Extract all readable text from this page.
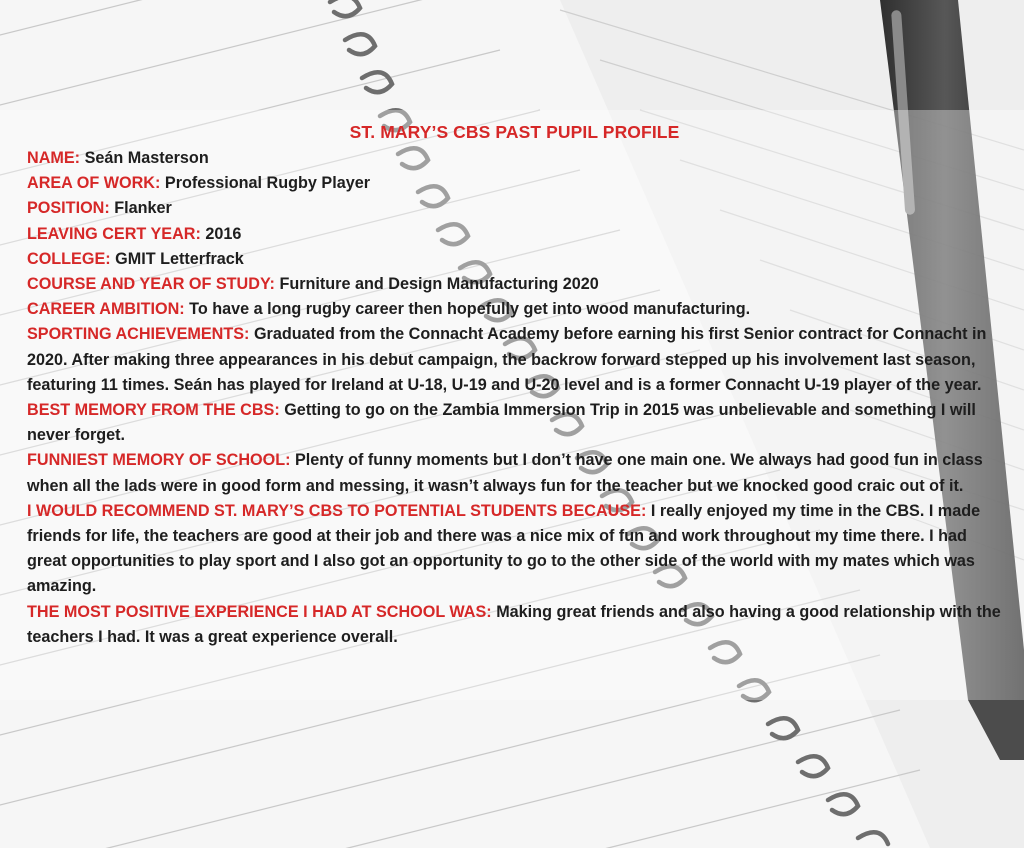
ST. MARY’S CBS PAST PUPIL PROFILE
NAME: Seán Masterson
AREA OF WORK: Professional Rugby Player
POSITION: Flanker
LEAVING CERT YEAR: 2016
COLLEGE: GMIT Letterfrack
COURSE AND YEAR OF STUDY: Furniture and Design Manufacturing 2020
CAREER AMBITION: To have a long rugby career then hopefully get into wood manufacturing.
SPORTING ACHIEVEMENTS:Graduated from the Connacht Academy before earning his first Senior contract for Connacht in 2020. After making three appearances in his debut campaign, the backrow forward stepped up his involvement last season, featuring 11 times. Seán has played for Ireland at U-18, U-19 and U-20 level and is a former Connacht U-19 player of the year.
BEST MEMORY FROM THE CBS: Getting to go on the Zambia Immersion Trip in 2015 was unbelievable and something I will never forget.
FUNNIEST MEMORY OF SCHOOL: Plenty of funny moments but I don’t have one main one. We always had good fun in class when all the lads were in good form and messing, it wasn’t always fun for the teacher but we knocked good craic out of it.
I WOULD RECOMMEND ST. MARY’S CBS TO POTENTIAL STUDENTS BECAUSE: I really enjoyed my time in the CBS. I made friends for life, the teachers are good at their job and there was a nice mix of fun and work throughout my time there. I had great opportunities to play sport and I also got an opportunity to go to the other side of the world with my mates which was amazing.
THE MOST POSITIVE EXPERIENCE I HAD AT SCHOOL WAS: Making great friends and also having a good relationship with the teachers I had. It was a great experience overall.
